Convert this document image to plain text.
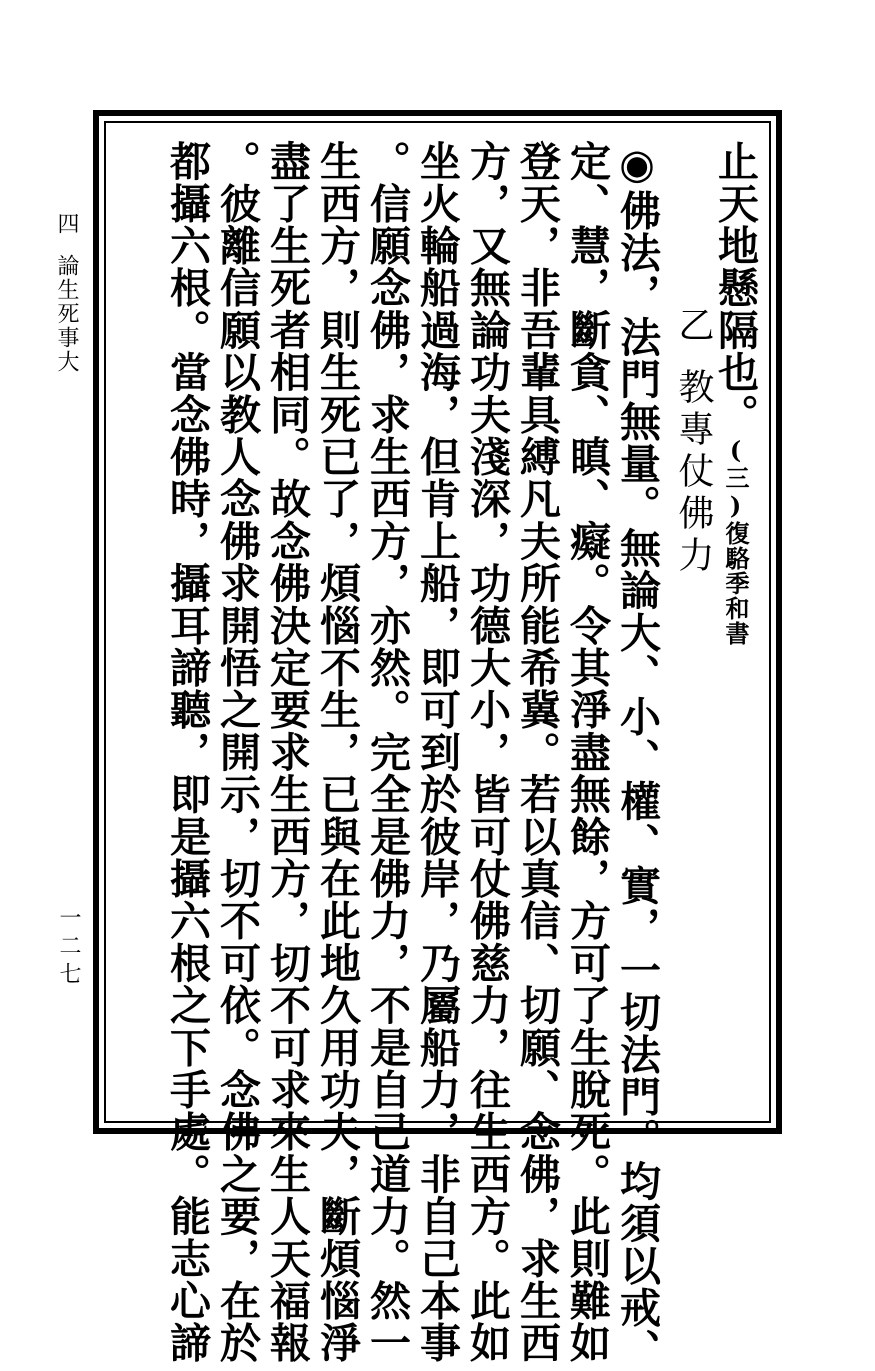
四論生死事大
一二七
止天地懸隔也。(三)復駱季和書
乙教專仗佛力
◉佛法，法門無量。無論大、小、權、實，一切法門。均須以戒、
定、慧，斷貪、瞋、癡。令其淨盡無餘，方可了生脫死。此則難如
登天，非吾輩具縛凡夫所能希冀。若以真信、切願、念佛，求生西
方，又無論功夫淺深，功德大小，皆可仗佛慈力，往生西方。此如
坐火輪船過海，但肯上船，即可到於彼岸，乃屬船力，非自己本事
。信願念佛，求生西方，亦然。完全是佛力，不是自己道力。然一
生西方，則生死已了，煩惱不生，已與在此地久用功夫，斷煩惱淨
盡了生死者相同。故念佛決定要求生西方，切不可求來生人天福報
。彼離信願以教人念佛求開悟之開示，切不可依。念佛之要，在於
都攝六根。當念佛時，攝耳諦聽，即是攝六根之下手處。能志心諦
